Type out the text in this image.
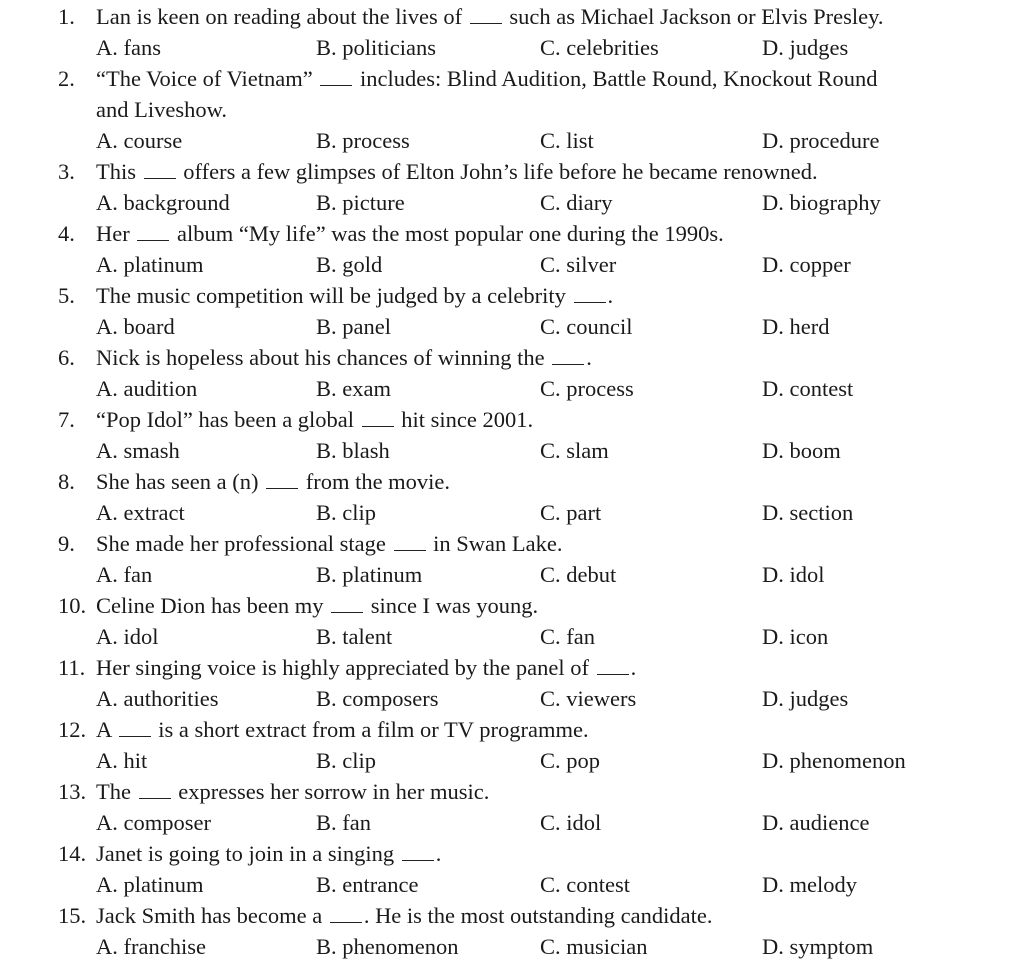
1. Lan is keen on reading about the lives of  such as Michael Jackson or Elvis Presley.
A. fans	B. politicians	C. celebrities	D. judges
2. “The Voice of Vietnam”  includes: Blind Audition, Battle Round, Knockout Round
and Liveshow.
A. course	B. process	C. list	D. procedure
3. This  offers a few glimpses of Elton John’s life before he became renowned.
A. background	B. picture	C. diary	D. biography
4. Her  album “My life” was the most popular one during the 1990s.
A. platinum	B. gold	C. silver	D. copper
5. The music competition will be judged by a celebrity .
A. board	B. panel	C. council	D. herd
6. Nick is hopeless about his chances of winning the .
A. audition	B. exam	C. process	D. contest
7. “Pop Idol” has been a global  hit since 2001.
A. smash	B. blash	C. slam	D. boom
8. She has seen a (n)  from the movie.
A. extract	B. clip	C. part	D. section
9. She made her professional stage  in Swan Lake.
A. fan	B. platinum	C. debut	D. idol
10. Celine Dion has been my  since I was young.
A. idol	B. talent	C. fan	D. icon
11. Her singing voice is highly appreciated by the panel of .
A. authorities	B. composers	C. viewers	D. judges
12. A  is a short extract from a film or TV programme.
A. hit	B. clip	C. pop	D. phenomenon
13. The  expresses her sorrow in her music.
A. composer	B. fan	C. idol	D. audience
14. Janet is going to join in a singing .
A. platinum	B. entrance	C. contest	D. melody
15. Jack Smith has become a . He is the most outstanding candidate.
A. franchise	B. phenomenon	C. musician	D. symptom
